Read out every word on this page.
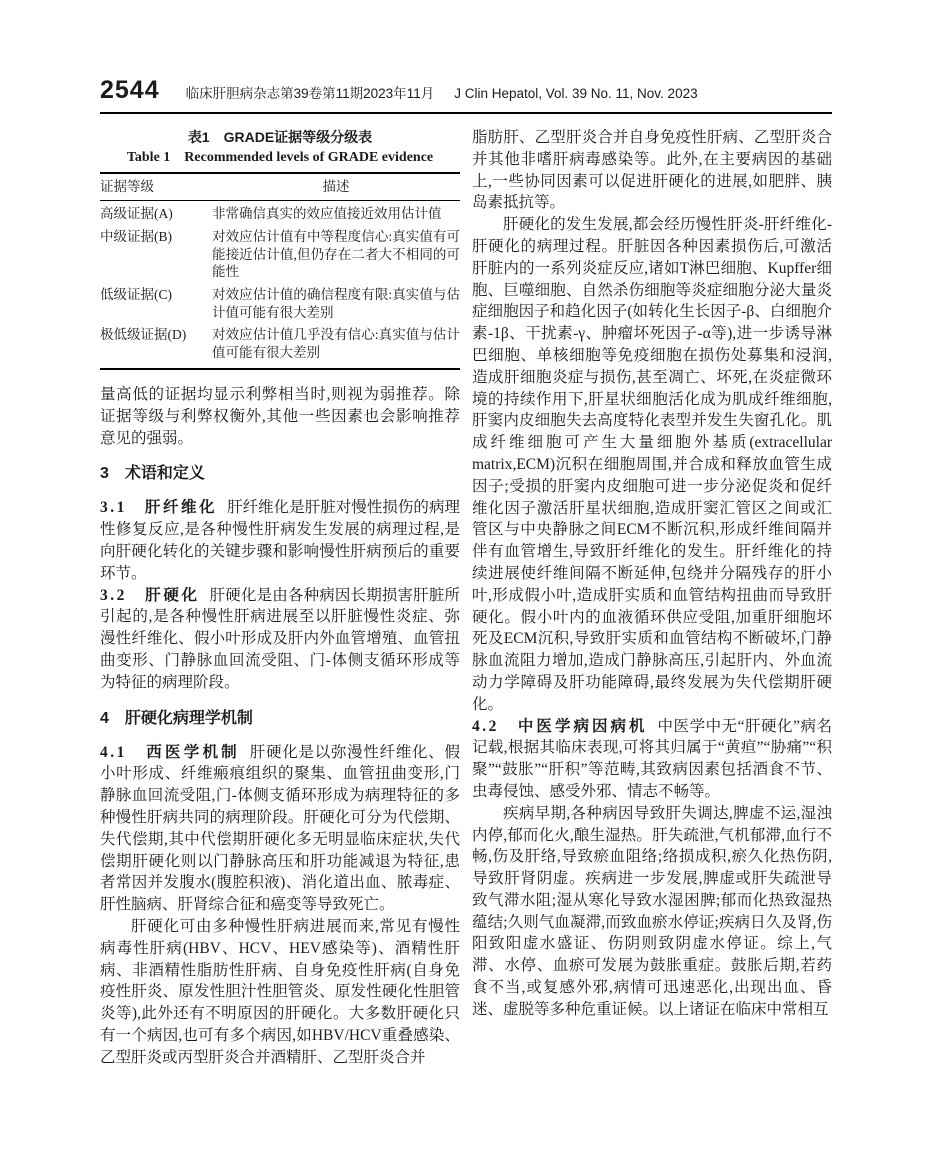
2544 临床肝胆病杂志第39卷第11期2023年11月 J Clin Hepatol, Vol. 39 No. 11, Nov. 2023
表1　GRADE证据等级分级表
Table 1　Recommended levels of GRADE evidence
证据等级	描述
高级证据(A)	非常确信真实的效应值接近效用估计值
中级证据(B)	对效应估计值有中等程度信心:真实值有可能接近估计值,但仍存在二者大不相同的可能性
低级证据(C)	对效应估计值的确信程度有限:真实值与估计值可能有很大差别
极低级证据(D)	对效应估计值几乎没有信心:真实值与估计值可能有很大差别

量高低的证据均显示利弊相当时,则视为弱推荐。除证据等级与利弊权衡外,其他一些因素也会影响推荐意见的强弱。

3　术语和定义

3.1　肝纤维化 肝纤维化是肝脏对慢性损伤的病理性修复反应,是各种慢性肝病发生发展的病理过程,是向肝硬化转化的关键步骤和影响慢性肝病预后的重要环节。

3.2　肝硬化 肝硬化是由各种病因长期损害肝脏所引起的,是各种慢性肝病进展至以肝脏慢性炎症、弥漫性纤维化、假小叶形成及肝内外血管增殖、血管扭曲变形、门静脉血回流受阻、门-体侧支循环形成等为特征的病理阶段。

4　肝硬化病理学机制

4.1　西医学机制 肝硬化是以弥漫性纤维化、假小叶形成、纤维瘢痕组织的聚集、血管扭曲变形,门静脉血回流受阻,门-体侧支循环形成为病理特征的多种慢性肝病共同的病理阶段。肝硬化可分为代偿期、失代偿期,其中代偿期肝硬化多无明显临床症状,失代偿期肝硬化则以门静脉高压和肝功能减退为特征,患者常因并发腹水(腹腔积液)、消化道出血、脓毒症、肝性脑病、肝肾综合征和癌变等导致死亡。

肝硬化可由多种慢性肝病进展而来,常见有慢性病毒性肝病(HBV、HCV、HEV感染等)、酒精性肝病、非酒精性脂肪性肝病、自身免疫性肝病(自身免疫性肝炎、原发性胆汁性胆管炎、原发性硬化性胆管炎等),此外还有不明原因的肝硬化。大多数肝硬化只有一个病因,也可有多个病因,如HBV/HCV重叠感染、乙型肝炎或丙型肝炎合并酒精肝、乙型肝炎合并

脂肪肝、乙型肝炎合并自身免疫性肝病、乙型肝炎合并其他非嗜肝病毒感染等。此外,在主要病因的基础上,一些协同因素可以促进肝硬化的进展,如肥胖、胰岛素抵抗等。

肝硬化的发生发展,都会经历慢性肝炎-肝纤维化-肝硬化的病理过程。肝脏因各种因素损伤后,可激活肝脏内的一系列炎症反应,诸如T淋巴细胞、Kupffer细胞、巨噬细胞、自然杀伤细胞等炎症细胞分泌大量炎症细胞因子和趋化因子(如转化生长因子-β、白细胞介素-1β、干扰素-γ、肿瘤坏死因子-α等),进一步诱导淋巴细胞、单核细胞等免疫细胞在损伤处募集和浸润,造成肝细胞炎症与损伤,甚至凋亡、坏死,在炎症微环境的持续作用下,肝星状细胞活化成为肌成纤维细胞,肝窦内皮细胞失去高度特化表型并发生失窗孔化。肌成纤维细胞可产生大量细胞外基质(extracellular matrix,ECM)沉积在细胞周围,并合成和释放血管生成因子;受损的肝窦内皮细胞可进一步分泌促炎和促纤维化因子激活肝星状细胞,造成肝窦汇管区之间或汇管区与中央静脉之间ECM不断沉积,形成纤维间隔并伴有血管增生,导致肝纤维化的发生。肝纤维化的持续进展使纤维间隔不断延伸,包绕并分隔残存的肝小叶,形成假小叶,造成肝实质和血管结构扭曲而导致肝硬化。假小叶内的血液循环供应受阻,加重肝细胞坏死及ECM沉积,导致肝实质和血管结构不断破坏,门静脉血流阻力增加,造成门静脉高压,引起肝内、外血流动力学障碍及肝功能障碍,最终发展为失代偿期肝硬化。

4.2　中医学病因病机 中医学中无“肝硬化”病名记载,根据其临床表现,可将其归属于“黄疸”“胁痛”“积聚”“鼓胀”“肝积”等范畴,其致病因素包括酒食不节、虫毒侵蚀、感受外邪、情志不畅等。

疾病早期,各种病因导致肝失调达,脾虚不运,湿浊内停,郁而化火,酿生湿热。肝失疏泄,气机郁滞,血行不畅,伤及肝络,导致瘀血阻络;络损成积,瘀久化热伤阴,导致肝肾阴虚。疾病进一步发展,脾虚或肝失疏泄导致气滞水阻;湿从寒化导致水湿困脾;郁而化热致湿热蕴结;久则气血凝滞,而致血瘀水停证;疾病日久及肾,伤阳致阳虚水盛证、伤阴则致阴虚水停证。综上,气滞、水停、血瘀可发展为鼓胀重症。鼓胀后期,若药食不当,或复感外邪,病情可迅速恶化,出现出血、昏迷、虚脱等多种危重证候。以上诸证在临床中常相互
